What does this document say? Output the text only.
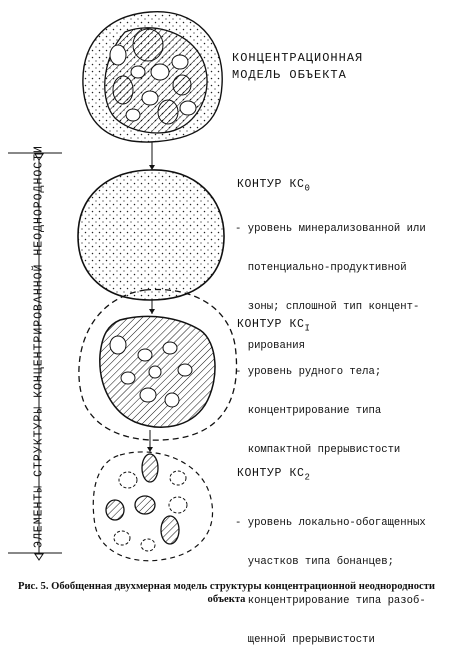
КОНЦЕНТРАЦИОННАЯ
МОДЕЛЬ ОБЪЕКТА
КОНТУР $КС_0$

- уровень минерализованной или

потенциально-продуктивной

зоны; сплошной тип концент-

рирования

КОНТУР $КС_I$

- уровень рудного тела;

концентрирование типа

компактной прерывистости

КОНТУР $КС_2$

- уровень локально-обогащенных

участков типа бонанцев;

концентрирование типа разоб-

щенной прерывистости

ЭЛЕМЕНТЫ СТРУКТУРЫ КОНЦЕНТРИРОВАННОЙ НЕОДНОРОДНОСТИ
Рис. 5. Обобщенная двухмерная модель структуры концентрационной неоднородности
объекта
